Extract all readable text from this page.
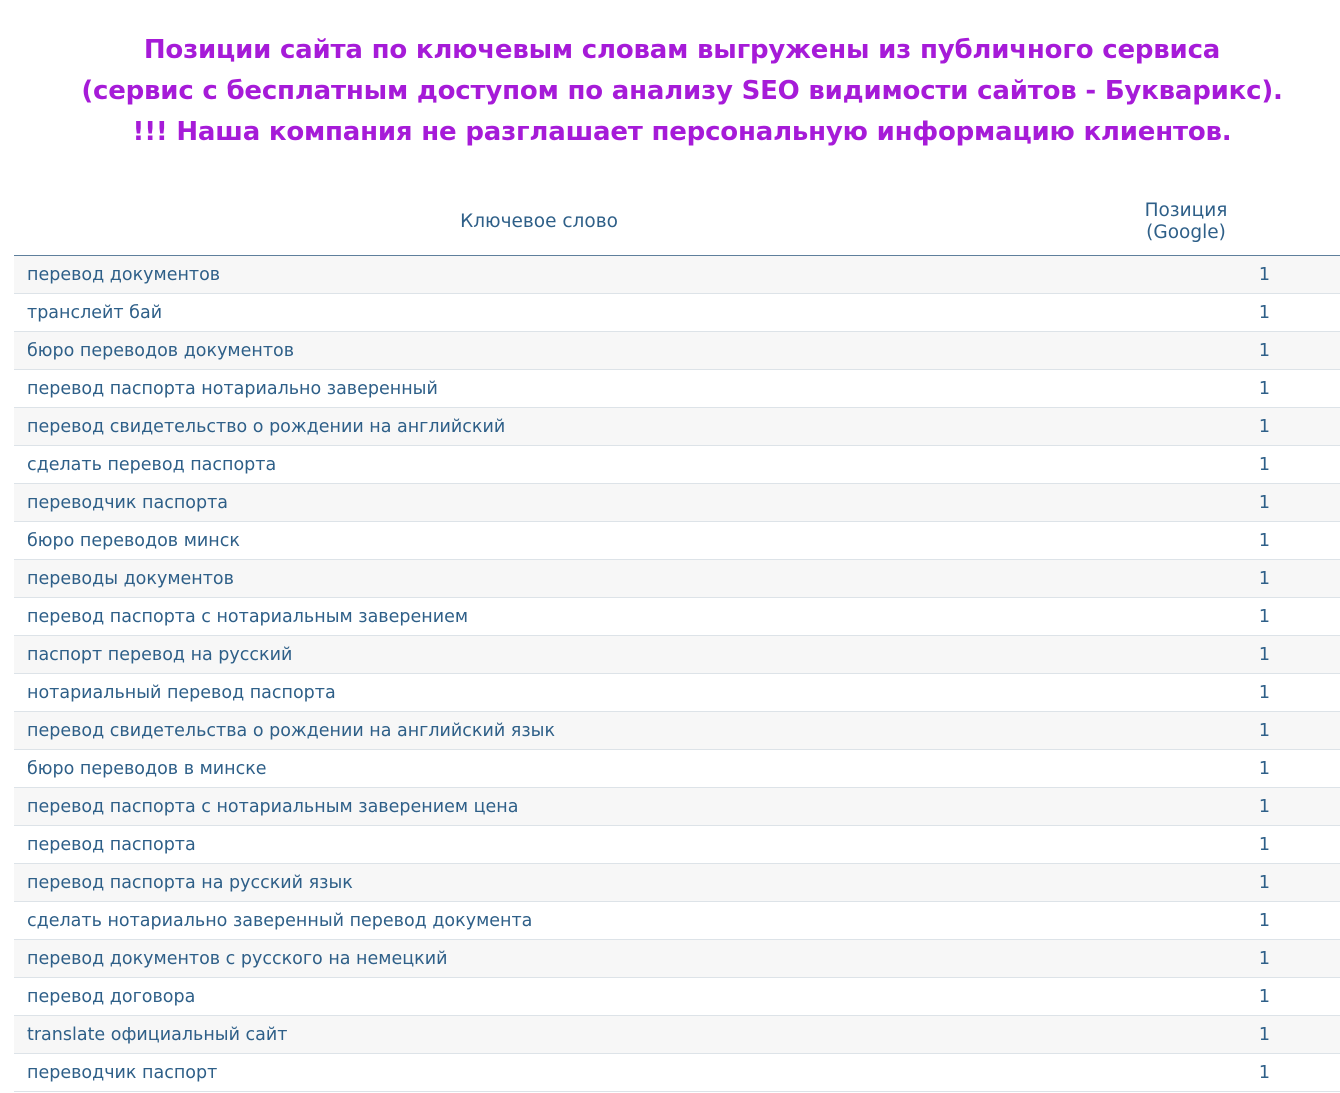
Позиции сайта по ключевым словам выгружены из публичного сервиса
(сервис с бесплатным доступом по анализу SEO видимости сайтов - Букварикс).
!!! Наша компания не разглашает персональную информацию клиентов.
Ключевое слово	Позиция
(Google)

перевод документов	1
транслейт бай	1
бюро переводов документов	1
перевод паспорта нотариально заверенный	1
перевод свидетельство о рождении на английский	1
сделать перевод паспорта	1
переводчик паспорта	1
бюро переводов минск	1
переводы документов	1
перевод паспорта с нотариальным заверением	1
паспорт перевод на русский	1
нотариальный перевод паспорта	1
перевод свидетельства о рождении на английский язык	1
бюро переводов в минске	1
перевод паспорта с нотариальным заверением цена	1
перевод паспорта	1
перевод паспорта на русский язык	1
сделать нотариально заверенный перевод документа	1
перевод документов с русского на немецкий	1
перевод договора	1
translate официальный сайт	1
переводчик паспорт	1
